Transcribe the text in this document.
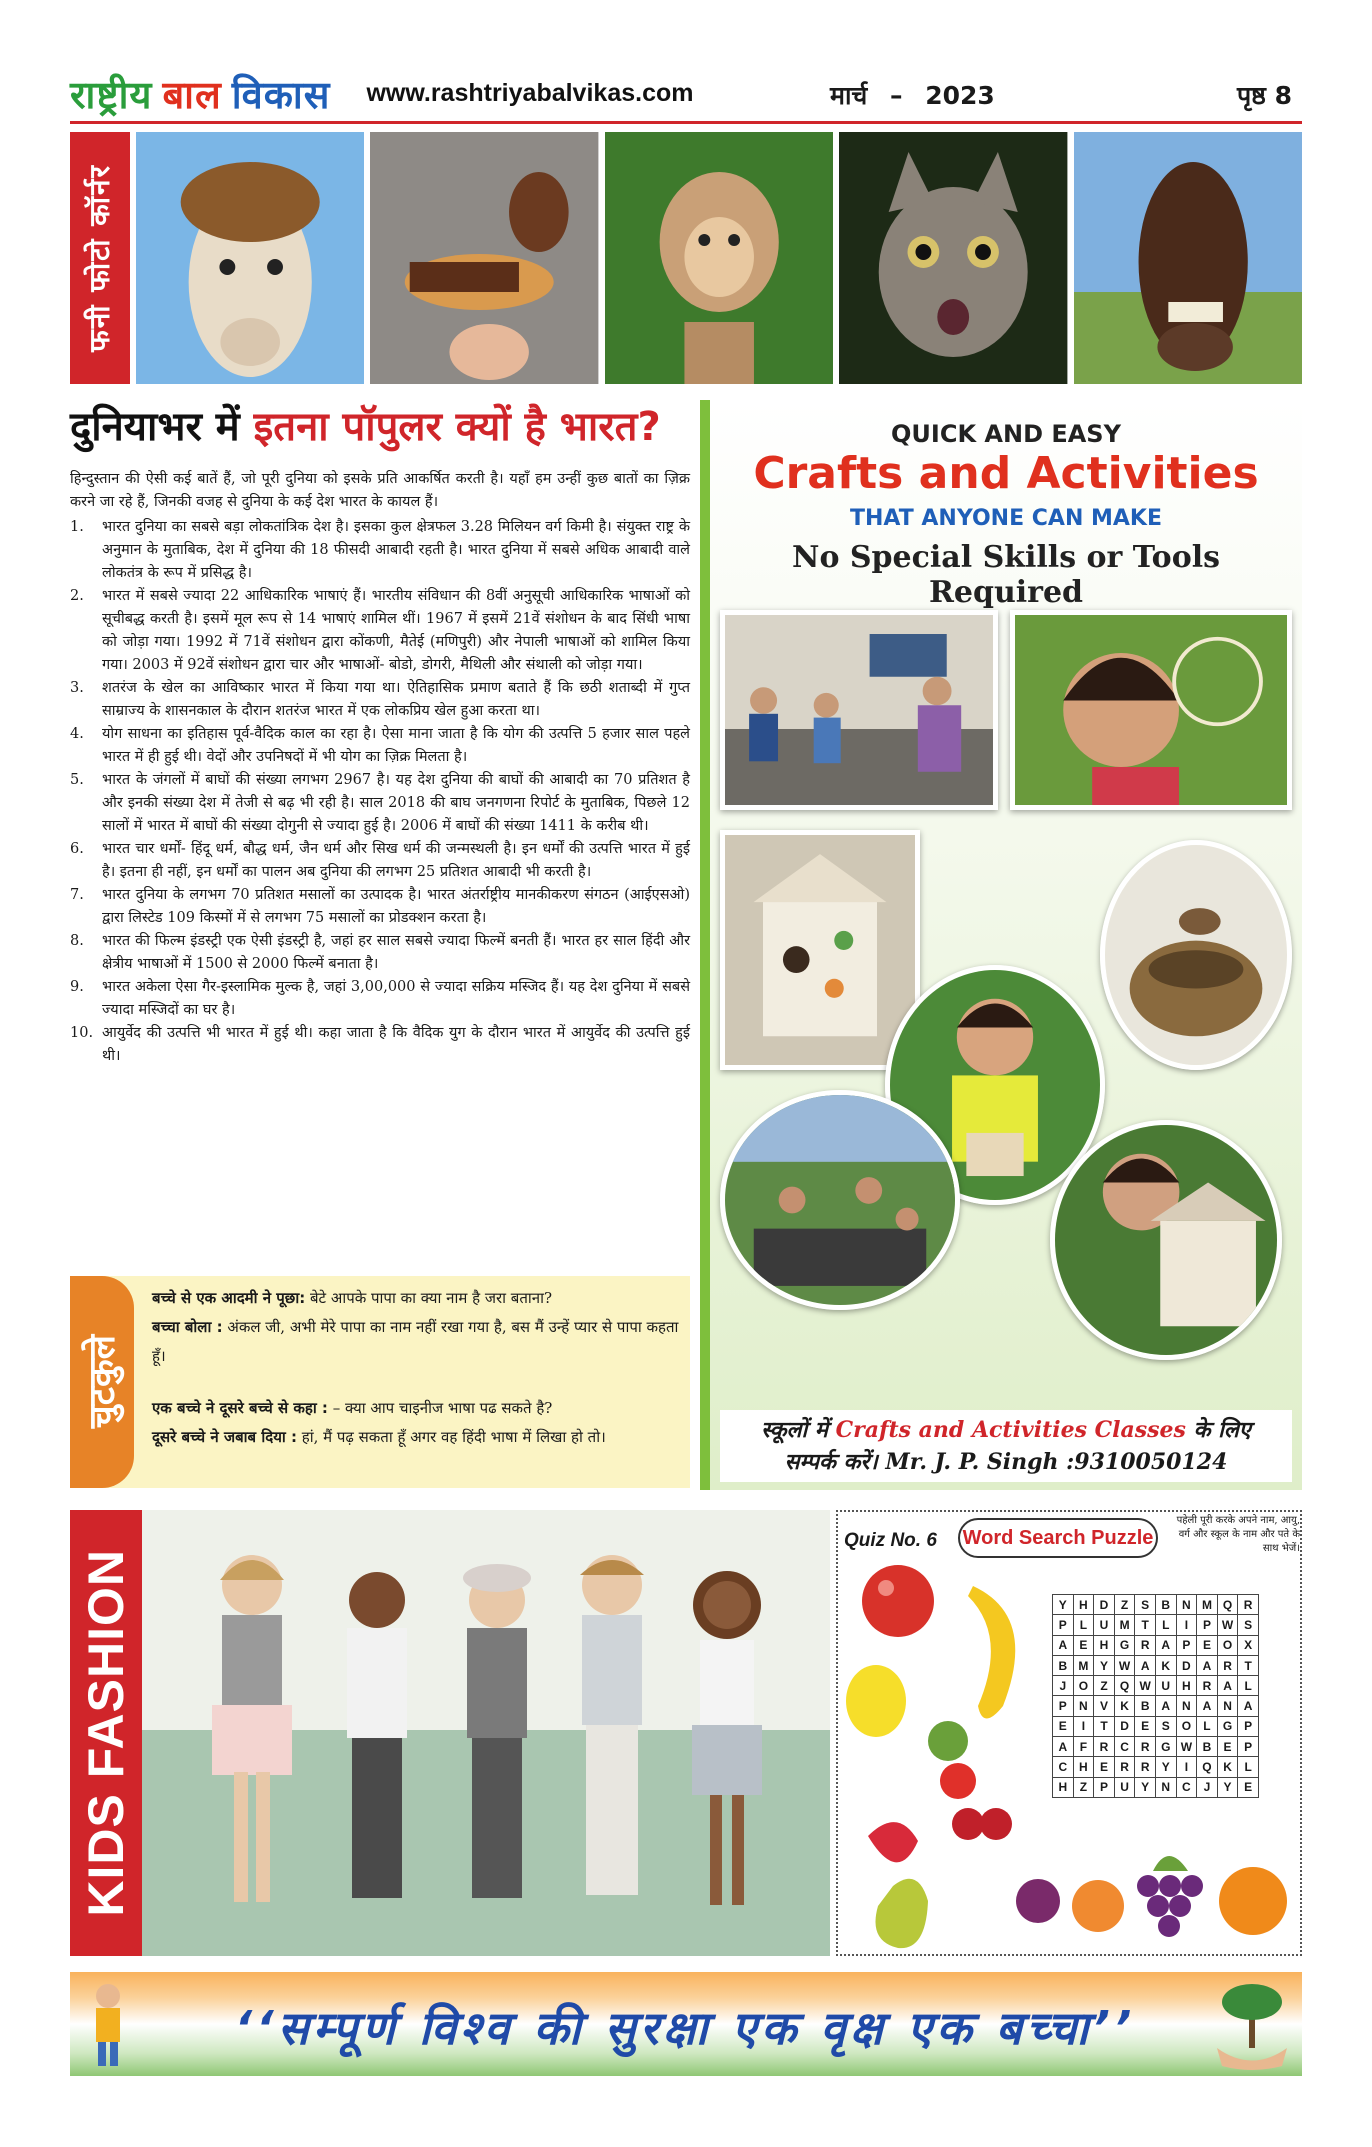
राष्ट्रीय बाल विकास www.rashtriyabalvikas.com	मार्च – 2023	पृष्ठ 8
फनी फोटो कॉर्नर
दुनियाभर में इतना पॉपुलर क्यों है भारत?

हिन्दुस्तान की ऐसी कई बातें हैं, जो पूरी दुनिया को इसके प्रति आकर्षित करती है। यहाँ हम उन्हीं कुछ बातों का ज़िक्र करने जा रहे हैं, जिनकी वजह से दुनिया के कई देश भारत के कायल हैं।

1.	भारत दुनिया का सबसे बड़ा लोकतांत्रिक देश है। इसका कुल क्षेत्रफल 3.28 मिलियन वर्ग किमी है। संयुक्त राष्ट्र के अनुमान के मुताबिक, देश में दुनिया की 18 फीसदी आबादी रहती है। भारत दुनिया में सबसे अधिक आबादी वाले लोकतंत्र के रूप में प्रसिद्ध है।
2.	भारत में सबसे ज्यादा 22 आधिकारिक भाषाएं हैं। भारतीय संविधान की 8वीं अनुसूची आधिकारिक भाषाओं को सूचीबद्ध करती है। इसमें मूल रूप से 14 भाषाएं शामिल थीं। 1967 में इसमें 21वें संशोधन के बाद सिंधी भाषा को जोड़ा गया। 1992 में 71वें संशोधन द्वारा कोंकणी, मैतेई (मणिपुरी) और नेपाली भाषाओं को शामिल किया गया। 2003 में 92वें संशोधन द्वारा चार और भाषाओं- बोडो, डोगरी, मैथिली और संथाली को जोड़ा गया।
3.	शतरंज के खेल का आविष्कार भारत में किया गया था। ऐतिहासिक प्रमाण बताते हैं कि छठी शताब्दी में गुप्त साम्राज्य के शासनकाल के दौरान शतरंज भारत में एक लोकप्रिय खेल हुआ करता था।
4.	योग साधना का इतिहास पूर्व-वैदिक काल का रहा है। ऐसा माना जाता है कि योग की उत्पत्ति 5 हजार साल पहले भारत में ही हुई थी। वेदों और उपनिषदों में भी योग का ज़िक्र मिलता है।
5.	भारत के जंगलों में बाघों की संख्या लगभग 2967 है। यह देश दुनिया की बाघों की आबादी का 70 प्रतिशत है और इनकी संख्या देश में तेजी से बढ़ भी रही है। साल 2018 की बाघ जनगणना रिपोर्ट के मुताबिक, पिछले 12 सालों में भारत में बाघों की संख्या दोगुनी से ज्यादा हुई है। 2006 में बाघों की संख्या 1411 के करीब थी।
6.	भारत चार धर्मों- हिंदू धर्म, बौद्ध धर्म, जैन धर्म और सिख धर्म की जन्मस्थली है। इन धर्मों की उत्पत्ति भारत में हुई है। इतना ही नहीं, इन धर्मों का पालन अब दुनिया की लगभग 25 प्रतिशत आबादी भी करती है।
7.	भारत दुनिया के लगभग 70 प्रतिशत मसालों का उत्पादक है। भारत अंतर्राष्ट्रीय मानकीकरण संगठन (आईएसओ) द्वारा लिस्टेड 109 किस्मों में से लगभग 75 मसालों का प्रोडक्शन करता है।
8.	भारत की फिल्म इंडस्ट्री एक ऐसी इंडस्ट्री है, जहां हर साल सबसे ज्यादा फिल्में बनती हैं। भारत हर साल हिंदी और क्षेत्रीय भाषाओं में 1500 से 2000 फिल्में बनाता है।
9.	भारत अकेला ऐसा गैर-इस्लामिक मुल्क है, जहां 3,00,000 से ज्यादा सक्रिय मस्जिद हैं। यह देश दुनिया में सबसे ज्यादा मस्जिदों का घर है।
10. आयुर्वेद की उत्पत्ति भी भारत में हुई थी। कहा जाता है कि वैदिक युग के दौरान भारत में आयुर्वेद की उत्पत्ति हुई थी।
चुटकुले

बच्चे से एक आदमी ने पूछा: बेटे आपके पापा का क्या नाम है जरा बताना?
बच्चा बोला : अंकल जी, अभी मेरे पापा का नाम नहीं रखा गया है, बस मैं उन्हें प्यार से पापा कहता हूँ।

एक बच्चे ने दूसरे बच्चे से कहा : – क्या आप चाइनीज भाषा पढ सकते है?
दूसरे बच्चे ने जबाब दिया : हां, मैं पढ़ सकता हूँ अगर वह हिंदी भाषा में लिखा हो तो।

QUICK AND EASY
Crafts and Activities
THAT ANYONE CAN MAKE
No Special Skills or Tools Required
स्कूलों में Crafts and Activities Classes के लिए
सम्पर्क करें। Mr. J. P. Singh :9310050124
KIDS FASHION
Quiz No. 6 Word Search Puzzle
पहेली पूरी करके अपने नाम, आयु, वर्ग और स्कूल के नाम और पते के साथ भेजें।
Y	H	D	Z	S	B	N	M	Q	R
P	L	U	M	T	L	I	P	W	S
A	E	H	G	R	A	P	E	O	X
B	M	Y	W	A	K	D	A	R	T
J	O	Z	Q	W	U	H	R	A	L
P	N	V	K	B	A	N	A	N	A
E	I	T	D	E	S	O	L	G	P
A	F	R	C	R	G	W	B	E	P
C	H	E	R	R	Y	I	Q	K	L
H	Z	P	U	Y	N	C	J	Y	E
‘‘सम्पूर्ण विश्व की सुरक्षा एक वृक्ष एक बच्चा’’
